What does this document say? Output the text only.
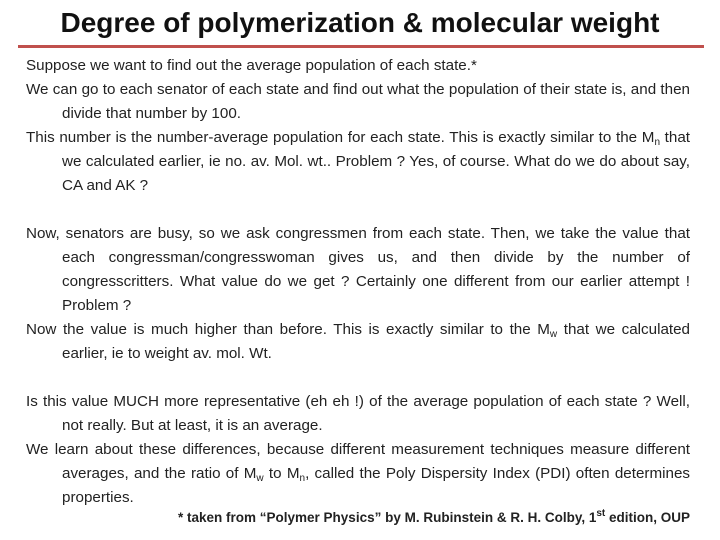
Degree of polymerization & molecular weight

Suppose we want to find out the average population of each state.*

We can go to each senator of each state and find out what the population of their state is, and then divide that number by 100.

This number is the number-average population for each state. This is exactly similar to the $M_n$ that we calculated earlier, ie no. av. Mol. wt.. Problem ? Yes, of course. What do we do about say, CA and AK ?

Now, senators are busy, so we ask congressmen from each state. Then, we take the value that each congressman/congresswoman gives us, and then divide by the number of congresscritters. What value do we get ? Certainly one different from our earlier attempt ! Problem ?

Now the value is much higher than before. This is exactly similar to the $M_w$ that we calculated earlier, ie to weight av. mol. Wt.

Is this value MUCH more representative (eh eh !) of the average population of each state ? Well, not really. But at least, it is an average.

We learn about these differences, because different measurement techniques measure different averages, and the ratio of $M_w$ to $M_n$, called the Poly Dispersity Index (PDI) often determines properties.

* taken from “Polymer Physics” by M. Rubinstein & R. H. Colby, 1st edition, OUP
